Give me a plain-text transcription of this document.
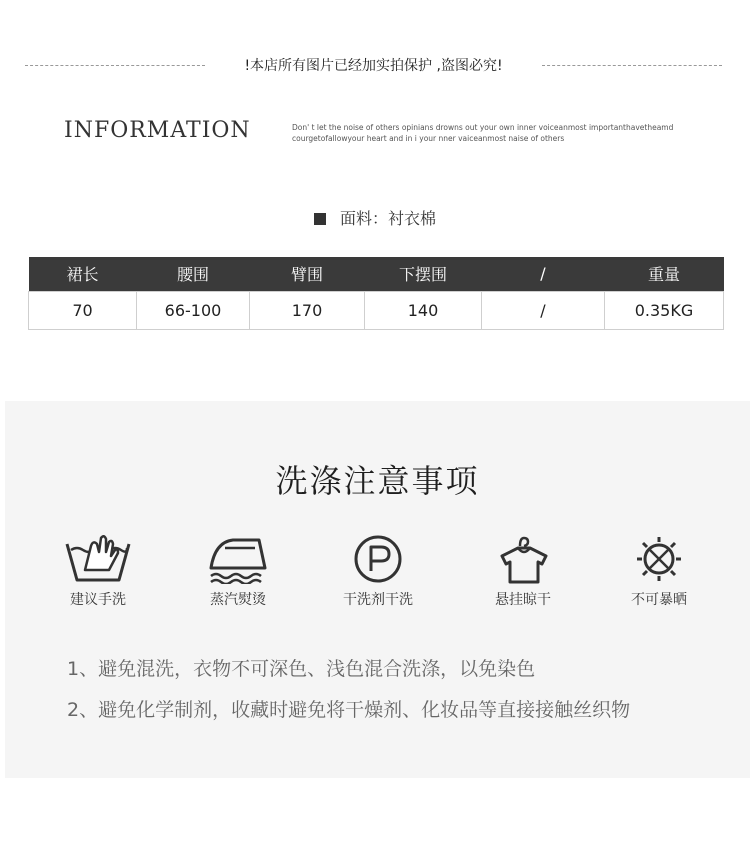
!本店所有图片已经加实拍保护 ,盗图必究!
INFORMATION	Don' t let the noise of others opinians drowns out your own inner voiceanmost importanthavetheamd
courgetofallowyour heart and in i your nner vaiceanmost naise of others
面料：衬衣棉
裙长	腰围	臂围	下摆围	/	重量
70	66-100	170	140	/	0.35KG
洗涤注意事项
建议手洗	蒸汽熨烫	干洗剂干洗	悬挂晾干	不可暴晒
1、避免混洗，衣物不可深色、浅色混合洗涤，以免染色
2、避免化学制剂，收藏时避免将干燥剂、化妆品等直接接触丝织物
